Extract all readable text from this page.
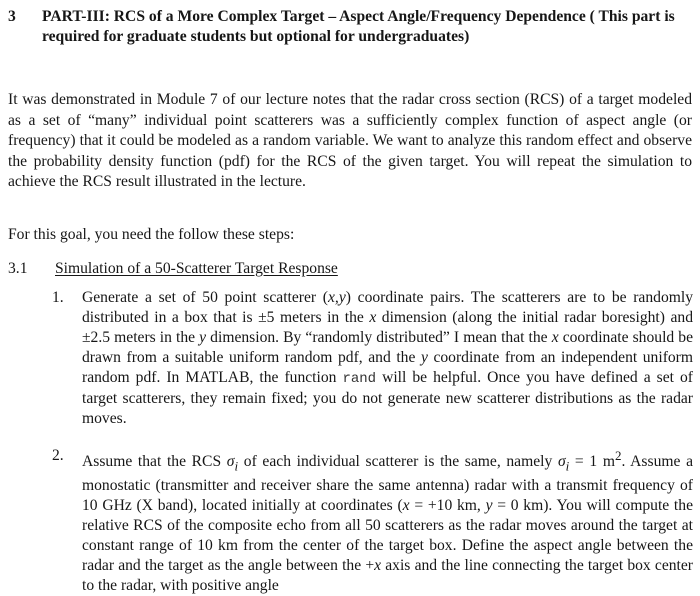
3 PART-III: RCS of a More Complex Target – Aspect Angle/Frequency Dependence ( This part is required for graduate students but optional for undergraduates)
It was demonstrated in Module 7 of our lecture notes that the radar cross section (RCS) of a target modeled as a set of “many” individual point scatterers was a sufficiently complex function of aspect angle (or frequency) that it could be modeled as a random variable. We want to analyze this random effect and observe the probability density function (pdf) for the RCS of the given target. You will repeat the simulation to achieve the RCS result illustrated in the lecture.
For this goal, you need the follow these steps:
3.1 Simulation of a 50-Scatterer Target Response
1. Generate a set of 50 point scatterer (x,y) coordinate pairs. The scatterers are to be randomly distributed in a box that is ±5 meters in the x dimension (along the initial radar boresight) and ±2.5 meters in the y dimension. By “randomly distributed” I mean that the x coordinate should be drawn from a suitable uniform random pdf, and the y coordinate from an independent uniform random pdf. In MATLAB, the function rand will be helpful. Once you have defined a set of target scatterers, they remain fixed; you do not generate new scatterer distributions as the radar moves.
2. Assume that the RCS $\sigma_i$ of each individual scatterer is the same, namely $\sigma_i = 1$ $m^2$. Assume a monostatic (transmitter and receiver share the same antenna) radar with a transmit frequency of 10 GHz (X band), located initially at coordinates (x = +10 km, y = 0 km). You will compute the relative RCS of the composite echo from all 50 scatterers as the radar moves around the target at constant range of 10 km from the center of the target box. Define the aspect angle between the radar and the target as the angle between the +x axis and the line connecting the target box center to the radar, with positive angle
